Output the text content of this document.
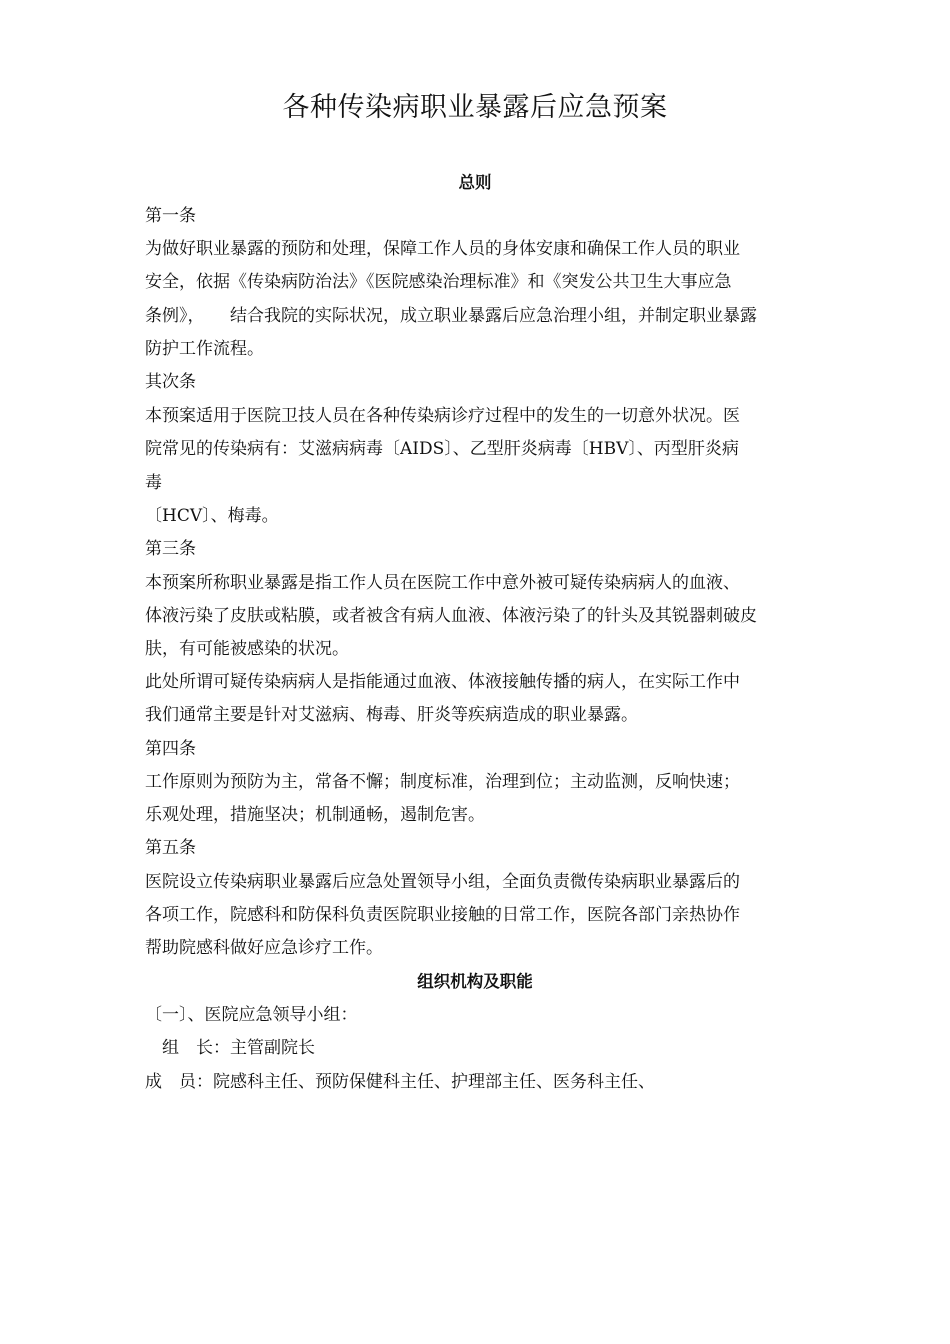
各种传染病职业暴露后应急预案
总则
第一条
为做好职业暴露的预防和处理，保障工作人员的身体安康和确保工作人员的职业
安全，依据《传染病防治法》《医院感染治理标准》和《突发公共卫生大事应急
条例》，　　结合我院的实际状况，成立职业暴露后应急治理小组，并制定职业暴露
防护工作流程。
其次条
本预案适用于医院卫技人员在各种传染病诊疗过程中的发生的一切意外状况。医
院常见的传染病有：艾滋病病毒〔AIDS〕、乙型肝炎病毒〔HBV〕、丙型肝炎病
毒
〔HCV〕、梅毒。
第三条
本预案所称职业暴露是指工作人员在医院工作中意外被可疑传染病病人的血液、
体液污染了皮肤或粘膜，或者被含有病人血液、体液污染了的针头及其锐器刺破皮
肤，有可能被感染的状况。
此处所谓可疑传染病病人是指能通过血液、体液接触传播的病人，在实际工作中
我们通常主要是针对艾滋病、梅毒、肝炎等疾病造成的职业暴露。
第四条
工作原则为预防为主，常备不懈；制度标准，治理到位；主动监测，反响快速；
乐观处理，措施坚决；机制通畅，遏制危害。
第五条
医院设立传染病职业暴露后应急处置领导小组，全面负责微传染病职业暴露后的
各项工作，院感科和防保科负责医院职业接触的日常工作，医院各部门亲热协作
帮助院感科做好应急诊疗工作。
组织机构及职能
〔一〕、医院应急领导小组：
　组　长：主管副院长
成　员：院感科主任、预防保健科主任、护理部主任、医务科主任、
